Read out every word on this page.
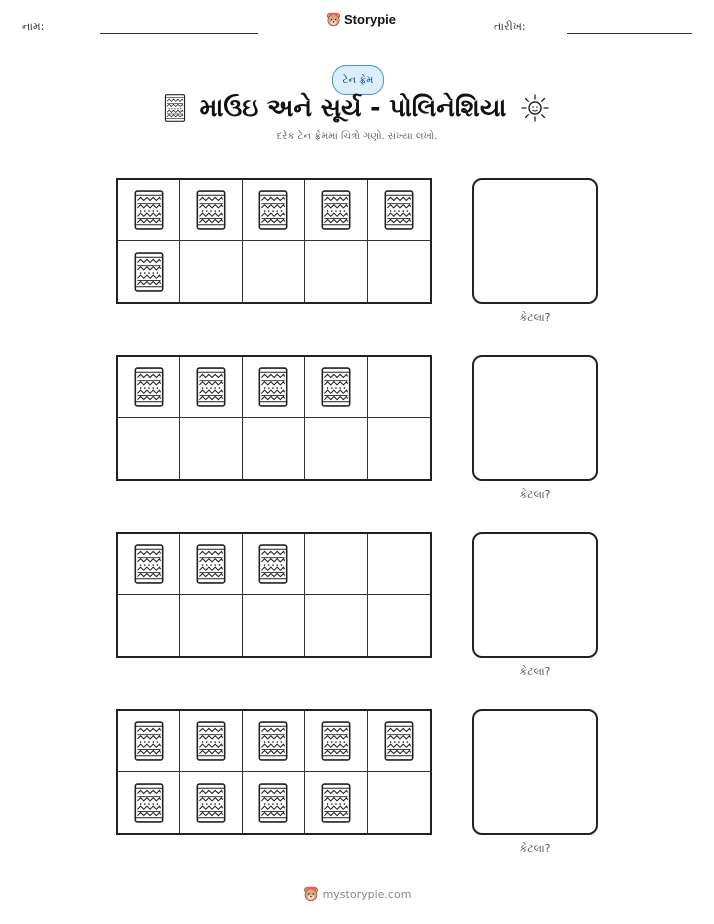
નામ:	Storypie	તારીખ:
ટેન ફ્રેમ
માઉઇ અને સૂર્ય - પોલિનેશિયા
દરેક ટેન ફ્રેમમાં ચિત્રો ગણો. સંખ્યા લખો.
કેટલા?
કેટલા?
કેટલા?
કેટલા?
mystorypie.com
